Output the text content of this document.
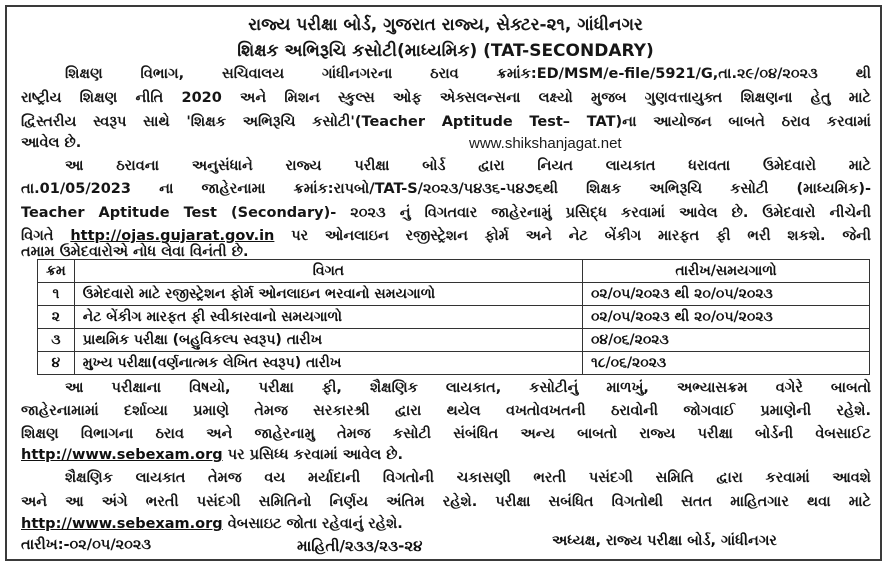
રાજ્ય પરીક્ષા બોર્ડ, ગુજરાત રાજ્ય, સેક્ટર-૨૧, ગાંધીનગર
શિક્ષક અભિરૂચિ કસોટી(માધ્યમિક) (TAT-SECONDARY)
શિક્ષણ વિભાગ, સચિવાલય ગાંધીનગરના ઠરાવ ક્રમાંક:ED/MSM/e-file/5921/G,તા.૨૯/૦૪/૨૦૨૩ થી
રાષ્ટ્રીય શિક્ષણ નીતિ 2020 અને મિશન સ્કુલ્સ ઓફ એક્સલન્સના લક્ષ્યો મુજબ ગુણવત્તાયુક્ત શિક્ષણના હેતુ માટે
દ્વિસ્તરીય સ્વરૂપ સાથે 'શિક્ષક અભિરૂચિ કસોટી'(Teacher Aptitude Test– TAT)ના આયોજન બાબતે ઠરાવ કરવામાં
આવેલ છે.	www.shikshanjagat.net
આ ઠરાવના અનુસંધાને રાજ્ય પરીક્ષા બોર્ડ દ્વારા નિયત લાયકાત ધરાવતા ઉમેદવારો માટે
તા.01/05/2023 ના જાહેરનામા ક્રમાંક:રાપબો/TAT-S/૨૦૨૩/૫૪૩૬-૫૪૭૬થી શિક્ષક અભિરૂચિ કસોટી (માધ્યમિક)-
Teacher Aptitude Test (Secondary)- ૨૦૨૩ નું વિગતવાર જાહેરનામું પ્રસિદ્ધ કરવામાં આવેલ છે. ઉમેદવારો નીચેની
વિગતે http://ojas.gujarat.gov.in પર ઓનલાઇન રજીસ્ટ્રેશન ફોર્મ અને નેટ બેંકીગ મારફત ફી ભરી શકશે. જેની
તમામ ઉમેદવારોએ નોધ લેવા વિનંતી છે.
ક્રમ	વિગત	તારીખ/સમયગાળો
૧	ઉમેદવારો માટે રજીસ્ટ્રેશન ફોર્મ ઓનલાઇન ભરવાનો સમયગાળો	૦૨/૦૫/૨૦૨૩ થી ૨૦/૦૫/૨૦૨૩
૨	નેટ બેંકીગ મારફત ફી સ્વીકારવાનો સમયગાળો	૦૨/૦૫/૨૦૨૩ થી ૨૦/૦૫/૨૦૨૩
૩	પ્રાથમિક પરીક્ષા (બહુવિકલ્પ સ્વરૂપ) તારીખ	૦૪/૦૬/૨૦૨૩
૪	મુખ્ય પરીક્ષા(વર્ણનાત્મક લેખિત સ્વરૂપ) તારીખ	૧૮/૦૬/૨૦૨૩
આ પરીક્ષાના વિષયો, પરીક્ષા ફી, શૈક્ષણિક લાયકાત, કસોટીનું માળખું, અભ્યાસક્રમ વગેરે બાબતો
જાહેરનામામાં દર્શાવ્યા પ્રમાણે તેમજ સરકારશ્રી દ્વારા થયેલ વખતોવખતની ઠરાવોની જોગવાઈ પ્રમાણેની રહેશે.
શિક્ષણ વિભાગના ઠરાવ અને જાહેરનામુ તેમજ કસોટી સંબંધિત અન્ય બાબતો રાજ્ય પરીક્ષા બોર્ડની વેબસાઈટ
http://www.sebexam.org પર પ્રસિધ્ધ કરવામાં આવેલ છે.
શૈક્ષણિક લાયકાત તેમજ વય મર્યાદાની વિગતોની ચકાસણી ભરતી પસંદગી સમિતિ દ્વારા કરવામાં આવશે
અને આ અંગે ભરતી પસંદગી સમિતિનો નિર્ણય અંતિમ રહેશે. પરીક્ષા સબંધિત વિગતોથી સતત માહિતગાર થવા માટે
http://www.sebexam.org વેબસાઇટ જોતા રહેવાનું રહેશે.
તારીખ:-૦૨/૦૫/૨૦૨૩	માહિતી/૨૩૩/૨૩-૨૪	અધ્યક્ષ, રાજ્ય પરીક્ષા બોર્ડ, ગાંધીનગર
